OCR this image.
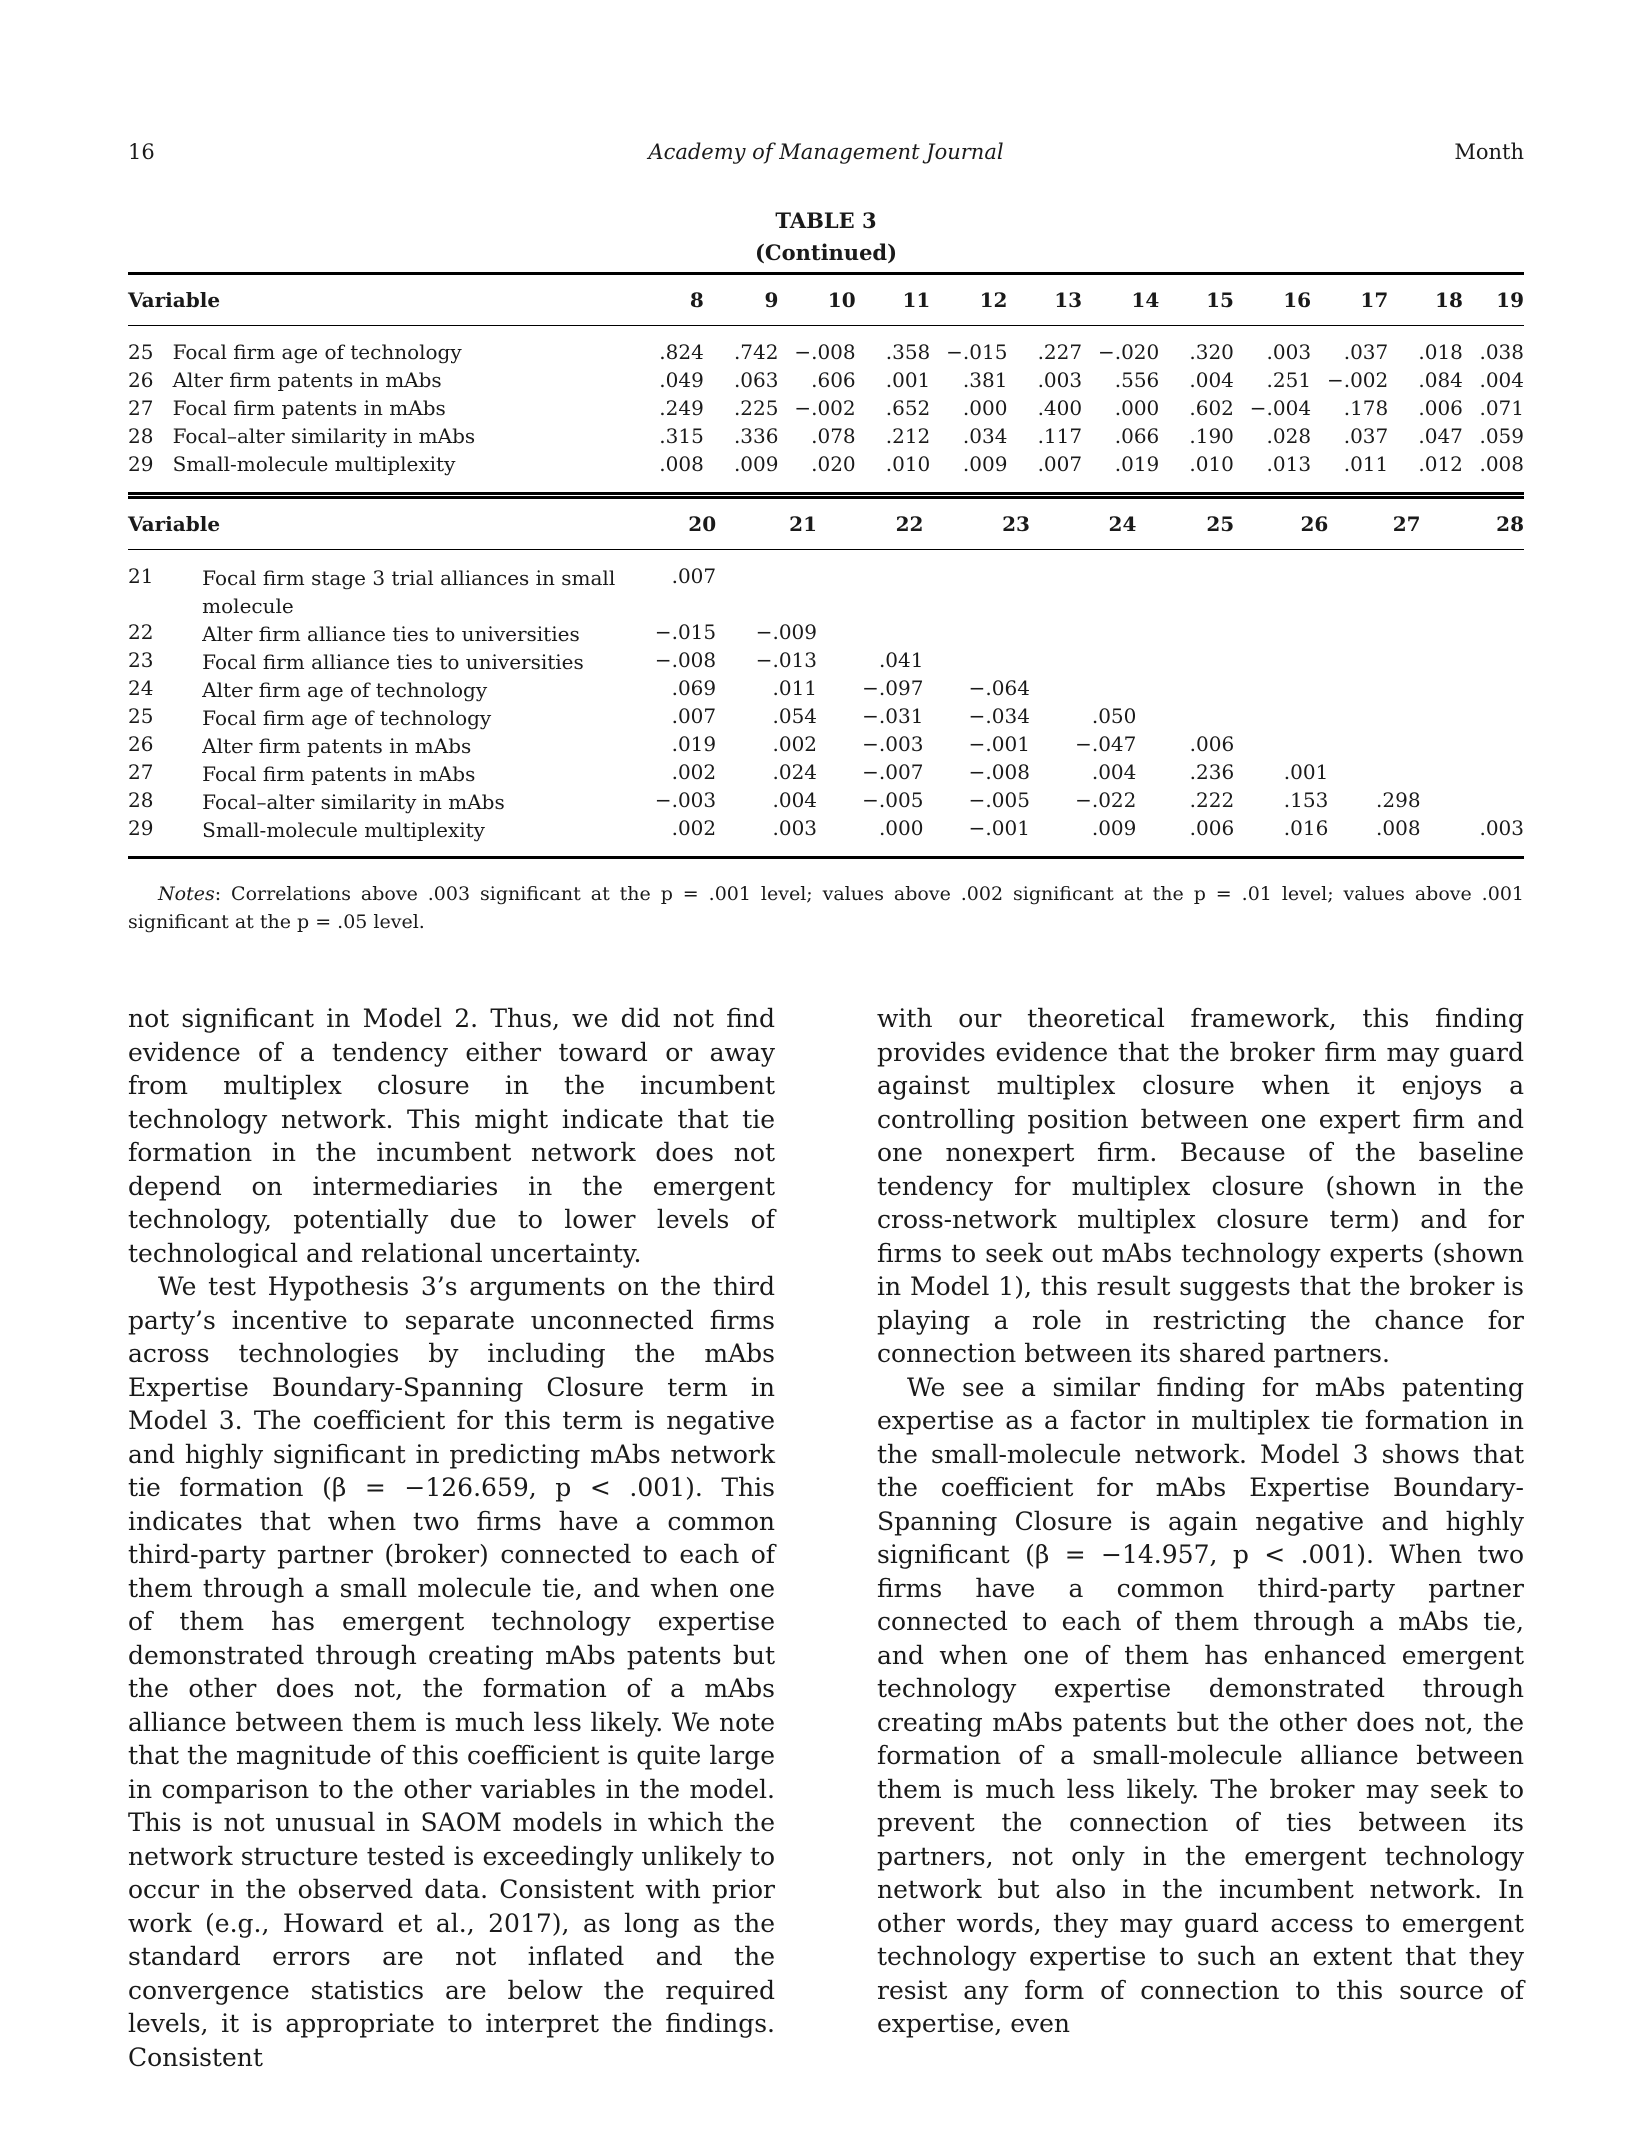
16	Academy of Management Journal	Month
TABLE 3
(Continued)
Variable		8	9	10	11	12	13	14	15	16	17	18	19

25	Focal firm age of technology	.824	.742	−.008	.358	−.015	.227	−.020	.320	.003	.037	.018	.038
26	Alter firm patents in mAbs	.049	.063	.606	.001	.381	.003	.556	.004	.251	−.002	.084	.004
27	Focal firm patents in mAbs	.249	.225	−.002	.652	.000	.400	.000	.602	−.004	.178	.006	.071
28	Focal–alter similarity in mAbs	.315	.336	.078	.212	.034	.117	.066	.190	.028	.037	.047	.059
29	Small-molecule multiplexity	.008	.009	.020	.010	.009	.007	.019	.010	.013	.011	.012	.008

Variable		20	21	22	23	24	25	26	27	28

21	Focal firm stage 3 trial alliances in small molecule	.007								
22	Alter firm alliance ties to universities	−.015	−.009							
23	Focal firm alliance ties to universities	−.008	−.013	.041						
24	Alter firm age of technology	.069	.011	−.097	−.064					
25	Focal firm age of technology	.007	.054	−.031	−.034	.050				
26	Alter firm patents in mAbs	.019	.002	−.003	−.001	−.047	.006			
27	Focal firm patents in mAbs	.002	.024	−.007	−.008	.004	.236	.001		
28	Focal–alter similarity in mAbs	−.003	.004	−.005	−.005	−.022	.222	.153	.298	
29	Small-molecule multiplexity	.002	.003	.000	−.001	.009	.006	.016	.008	.003

Notes: Correlations above .003 significant at the p = .001 level; values above .002 significant at the p = .01 level; values above .001 significant at the p = .05 level.

not significant in Model 2. Thus, we did not find evidence of a tendency either toward or away from multiplex closure in the incumbent technology network. This might indicate that tie formation in the incumbent network does not depend on intermediaries in the emergent technology, potentially due to lower levels of technological and relational uncertainty.

We test Hypothesis 3’s arguments on the third party’s incentive to separate unconnected firms across technologies by including the mAbs Expertise Boundary-Spanning Closure term in Model 3. The coefficient for this term is negative and highly significant in predicting mAbs network tie formation (β = −126.659, p < .001). This indicates that when two firms have a common third-party partner (broker) connected to each of them through a small molecule tie, and when one of them has emergent technology expertise demonstrated through creating mAbs patents but the other does not, the formation of a mAbs alliance between them is much less likely. We note that the magnitude of this coefficient is quite large in comparison to the other variables in the model. This is not unusual in SAOM models in which the network structure tested is exceedingly unlikely to occur in the observed data. Consistent with prior work (e.g., Howard et al., 2017), as long as the standard errors are not inflated and the convergence statistics are below the required levels, it is appropriate to interpret the findings. Consistent

with our theoretical framework, this finding provides evidence that the broker firm may guard against multiplex closure when it enjoys a controlling position between one expert firm and one nonexpert firm. Because of the baseline tendency for multiplex closure (shown in the cross-network multiplex closure term) and for firms to seek out mAbs technology experts (shown in Model 1), this result suggests that the broker is playing a role in restricting the chance for connection between its shared partners.

We see a similar finding for mAbs patenting expertise as a factor in multiplex tie formation in the small-molecule network. Model 3 shows that the coefficient for mAbs Expertise Boundary-Spanning Closure is again negative and highly significant (β = −14.957, p < .001). When two firms have a common third-party partner connected to each of them through a mAbs tie, and when one of them has enhanced emergent technology expertise demonstrated through creating mAbs patents but the other does not, the formation of a small-molecule alliance between them is much less likely. The broker may seek to prevent the connection of ties between its partners, not only in the emergent technology network but also in the incumbent network. In other words, they may guard access to emergent technology expertise to such an extent that they resist any form of connection to this source of expertise, even
